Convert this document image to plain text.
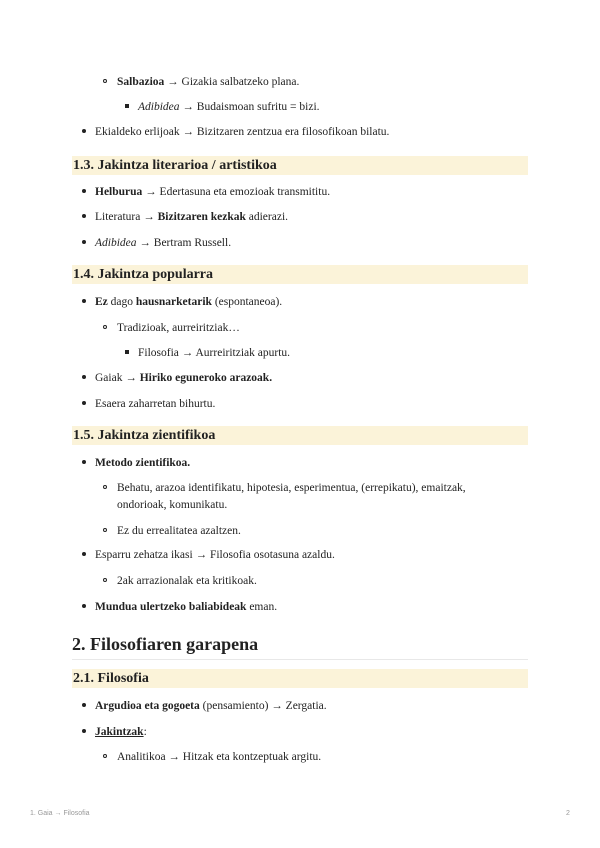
Salbazioa → Gizakia salbatzeko plana.
Adibidea → Budaismoan sufritu = bizi.
Ekialdeko erlijoak → Bizitzaren zentzua era filosofikoan bilatu.
1.3. Jakintza literarioa / artistikoa
Helburua → Edertasuna eta emozioak transmititu.
Literatura → Bizitzaren kezkak adierazi.
Adibidea → Bertram Russell.
1.4. Jakintza popularra
Ez dago hausnarketarik (espontaneoa).
Tradizioak, aurreiritziak…
Filosofia → Aurreiritziak apurtu.
Gaiak → Hiriko eguneroko arazoak.
Esaera zaharretan bihurtu.
1.5. Jakintza zientifikoa
Metodo zientifikoa.
Behatu, arazoa identifikatu, hipotesia, esperimentua, (errepikatu), emaitzak,
ondorioak, komunikatu.
Ez du errealitatea azaltzen.
Esparru zehatza ikasi → Filosofia osotasuna azaldu.
2ak arrazionalak eta kritikoak.
Mundua ulertzeko baliabideak eman.
2. Filosofiaren garapena
2.1. Filosofia
Argudioa eta gogoeta (pensamiento) → Zergatia.
Jakintzak:
Analitikoa → Hitzak eta kontzeptuak argitu.
1. Gaia → Filosofia	2
